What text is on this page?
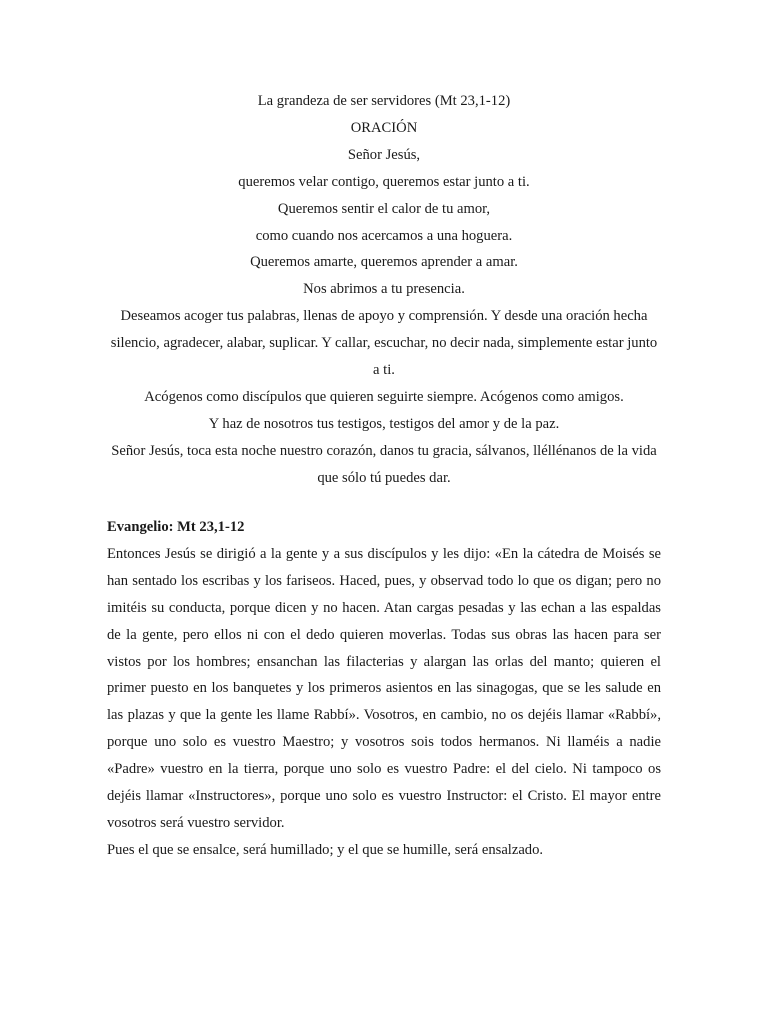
La grandeza de ser servidores (Mt 23,1-12)

ORACIÓN

Señor Jesús,

queremos velar contigo, queremos estar junto a ti.

Queremos sentir el calor de tu amor,

como cuando nos acercamos a una hoguera.

Queremos amarte, queremos aprender a amar.

Nos abrimos a tu presencia.

Deseamos acoger tus palabras, llenas de apoyo y comprensión. Y desde una oración hecha silencio, agradecer, alabar, suplicar. Y callar, escuchar, no decir nada, simplemente estar junto a ti.

Acógenos como discípulos que quieren seguirte siempre. Acógenos como amigos.

Y haz de nosotros tus testigos, testigos del amor y de la paz.

Señor Jesús, toca esta noche nuestro corazón, danos tu gracia, sálvanos, lléllénanos de la vida que sólo tú puedes dar.

Evangelio: Mt 23,1-12

Entonces Jesús se dirigió a la gente y a sus discípulos y les dijo: «En la cátedra de Moisés se han sentado los escribas y los fariseos. Haced, pues, y observad todo lo que os digan; pero no imitéis su conducta, porque dicen y no hacen. Atan cargas pesadas y las echan a las espaldas de la gente, pero ellos ni con el dedo quieren moverlas. Todas sus obras las hacen para ser vistos por los hombres; ensanchan las filacterias y alargan las orlas del manto; quieren el primer puesto en los banquetes y los primeros asientos en las sinagogas, que se les salude en las plazas y que la gente les llame Rabbí». Vosotros, en cambio, no os dejéis llamar «Rabbí», porque uno solo es vuestro Maestro; y vosotros sois todos hermanos. Ni llaméis a nadie «Padre» vuestro en la tierra, porque uno solo es vuestro Padre: el del cielo. Ni tampoco os dejéis llamar «Instructores», porque uno solo es vuestro Instructor: el Cristo. El mayor entre vosotros será vuestro servidor.

Pues el que se ensalce, será humillado; y el que se humille, será ensalzado.
